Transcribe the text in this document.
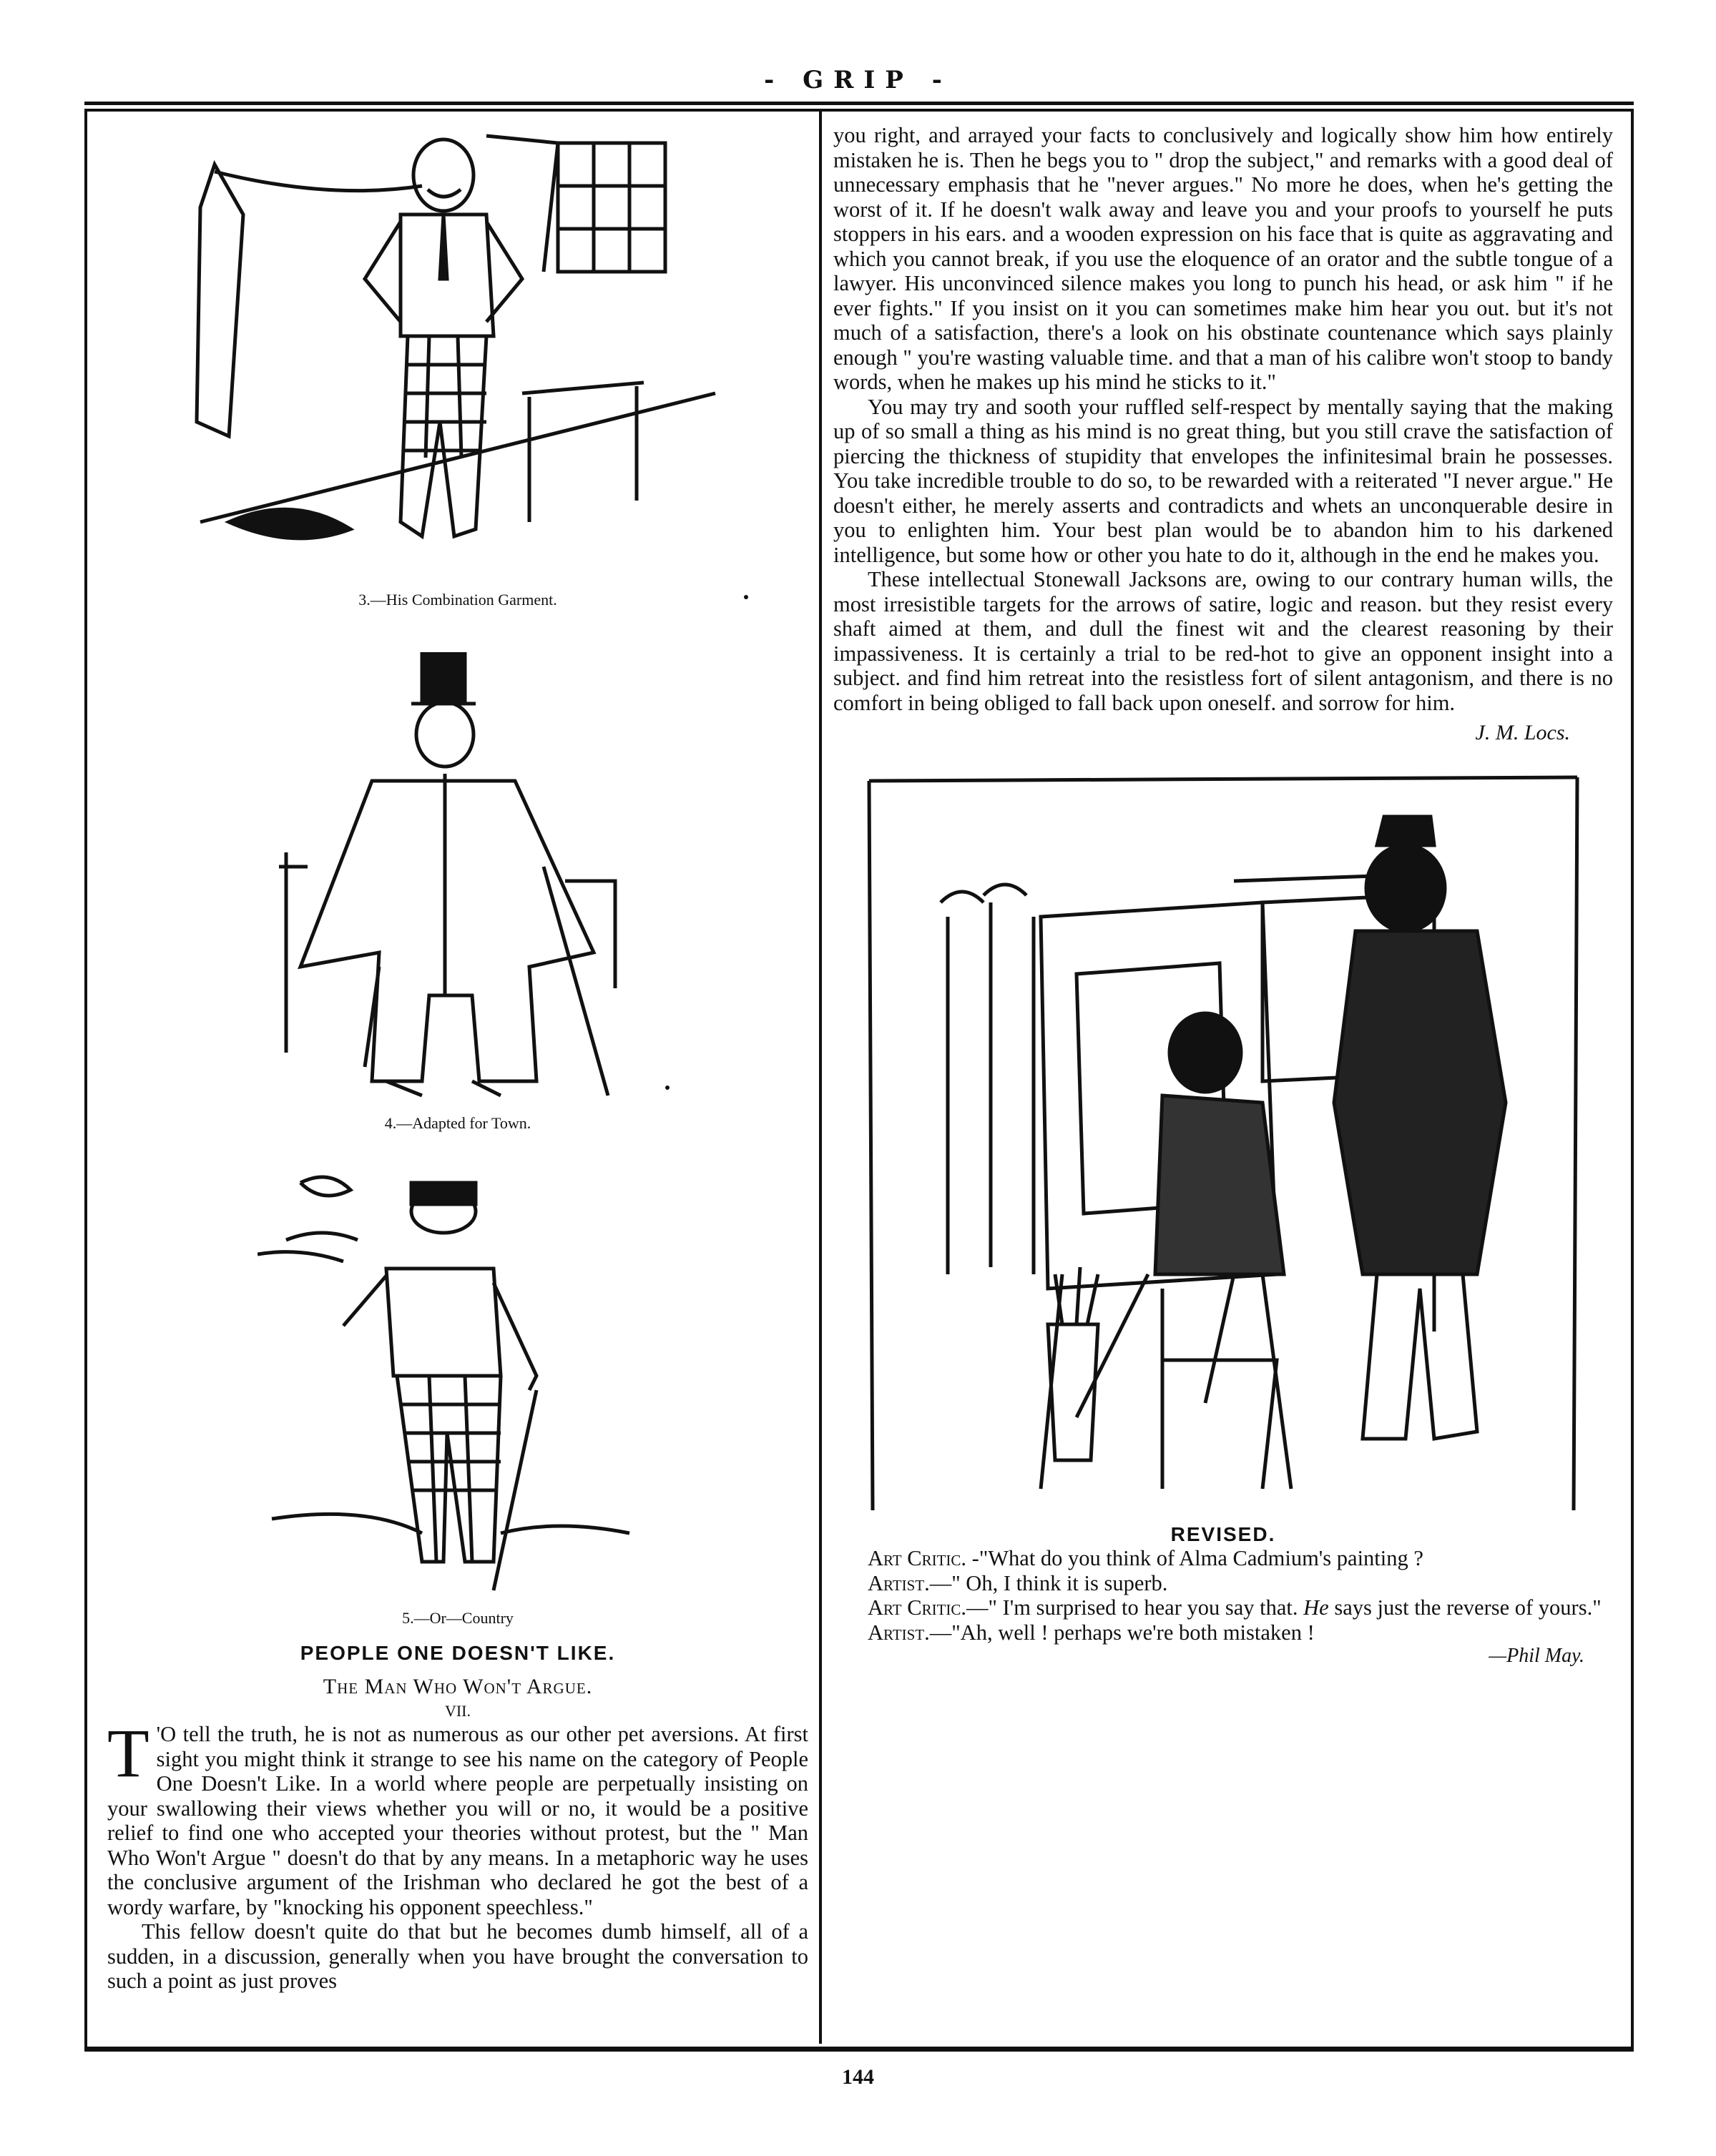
- GRIP -
3.—His Combination Garment.
4.—Adapted for Town.
5.—Or—Country
PEOPLE ONE DOESN'T LIKE.
The Man Who Won't Argue.
VII.

T 'O tell the truth, he is not as numerous as our other pet aversions. At first sight you might think it strange to see his name on the category of People One Doesn't Like. In a world where people are perpetually insisting on your swallowing their views whether you will or no, it would be a positive relief to find one who accepted your theories without protest, but the " Man Who Won't Argue " doesn't do that by any means. In a metaphoric way he uses the conclusive argument of the Irishman who declared he got the best of a wordy warfare, by "knocking his opponent speechless."

This fellow doesn't quite do that but he becomes dumb himself, all of a sudden, in a discussion, generally when you have brought the conversation to such a point as just proves

you right, and arrayed your facts to conclusively and logically show him how entirely mistaken he is. Then he begs you to " drop the subject," and remarks with a good deal of unnecessary emphasis that he "never argues." No more he does, when he's getting the worst of it. If he doesn't walk away and leave you and your proofs to yourself he puts stoppers in his ears. and a wooden expression on his face that is quite as aggravating and which you cannot break, if you use the eloquence of an orator and the subtle tongue of a lawyer. His unconvinced silence makes you long to punch his head, or ask him " if he ever fights." If you insist on it you can sometimes make him hear you out. but it's not much of a satisfaction, there's a look on his obstinate countenance which says plainly enough " you're wasting valuable time. and that a man of his calibre won't stoop to bandy words, when he makes up his mind he sticks to it."

You may try and sooth your ruffled self-respect by mentally saying that the making up of so small a thing as his mind is no great thing, but you still crave the satisfaction of piercing the thickness of stupidity that envelopes the infinitesimal brain he possesses. You take incredible trouble to do so, to be rewarded with a reiterated "I never argue." He doesn't either, he merely asserts and contradicts and whets an unconquerable desire in you to enlighten him. Your best plan would be to abandon him to his darkened intelligence, but some how or other you hate to do it, although in the end he makes you.

These intellectual Stonewall Jacksons are, owing to our contrary human wills, the most irresistible targets for the arrows of satire, logic and reason. but they resist every shaft aimed at them, and dull the finest wit and the clearest reasoning by their impassiveness. It is certainly a trial to be red-hot to give an opponent insight into a subject. and find him retreat into the resistless fort of silent antagonism, and there is no comfort in being obliged to fall back upon oneself. and sorrow for him.

J. M. Locs.
REVISED.

Art Critic. -"What do you think of Alma Cadmium's painting ?

Artist.—" Oh, I think it is superb.

Art Critic.—" I'm surprised to hear you say that. He says just the reverse of yours."

Artist.—"Ah, well ! perhaps we're both mistaken !

—Phil May.
144
